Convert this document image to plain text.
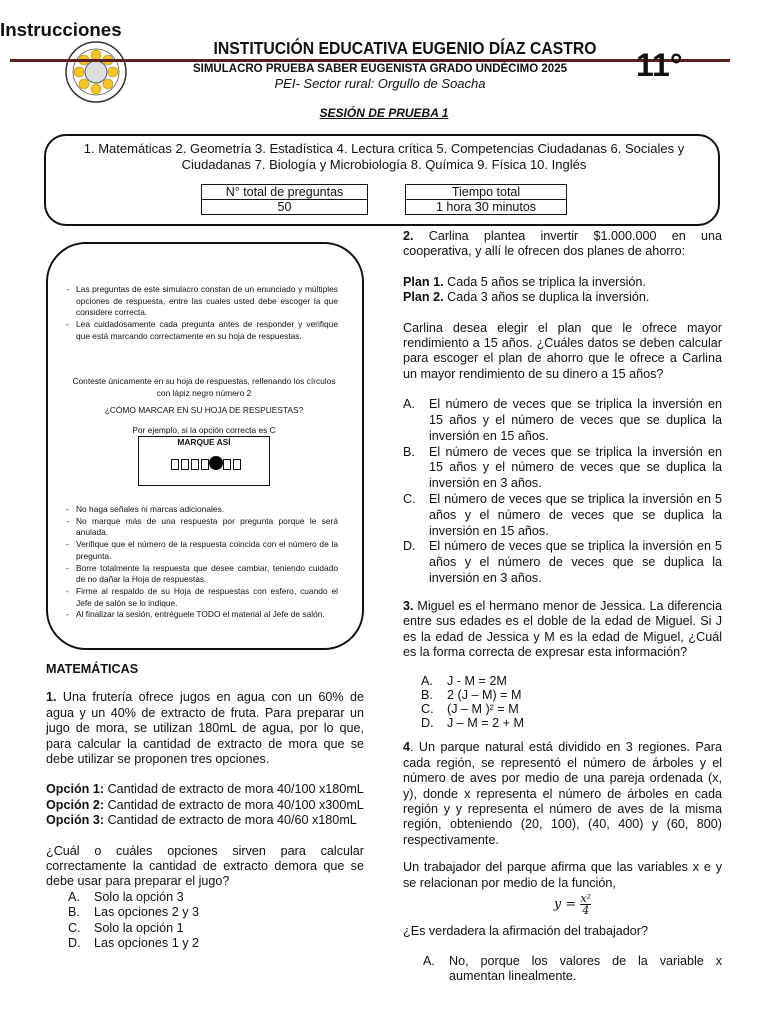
INSTITUCIÓN EDUCATIVA EUGENIO DÍAZ CASTRO
SIMULACRO PRUEBA SABER EUGENISTA GRADO UNDÉCIMO 2025
PEI- Sector rural: Orgullo de Soacha
11°
SESIÓN DE PRUEBA 1
1. Matemáticas 2. Geometría 3. Estadística 4. Lectura crítica 5. Competencias Ciudadanas 6. Sociales y Ciudadanas 7. Biología y Microbiología 8. Química 9. Física 10. Inglés
N° total de preguntas
50
Tiempo total
1 hora 30 minutos
Instrucciones
- Las preguntas de este simulacro constan de un enunciado y múltiples opciones de respuesta, entre las cuales usted debe escoger la que considere correcta.
- Lea cuidadosamente cada pregunta antes de responder y verifique que está marcando correctamente en su hoja de respuestas.
Conteste únicamente en su hoja de respuestas, rellenando los círculos con lápiz negro número 2
¿CÓMO MARCAR EN SU HOJA DE RESPUESTAS?
Por ejemplo, si la opción correcta es C
MARQUE ASÍ
- No haga señales ni marcas adicionales.
- No marque más de una respuesta por pregunta porque le será anulada.
- Verifique que el número de la respuesta coincida con el número de la pregunta.
- Borre totalmente la respuesta que desee cambiar, teniendo cuidado de no dañar la Hoja de respuestas.
- Firme al respaldo de su Hoja de respuestas con esfero, cuando el Jefe de salón se lo indique.
- Al finalizar la sesión, entréguele TODO el material al Jefe de salón.
MATEMÁTICAS
1. Una frutería ofrece jugos en agua con un 60% de agua y un 40% de extracto de fruta. Para preparar un jugo de mora, se utilizan 180mL de agua, por lo que, para calcular la cantidad de extracto de mora que se debe utilizar se proponen tres opciones.
Opción 1: Cantidad de extracto de mora 40/100 x180mL
Opción 2: Cantidad de extracto de mora 40/100 x300mL
Opción 3: Cantidad de extracto de mora 40/60 x180mL
¿Cuál o cuáles opciones sirven para calcular correctamente la cantidad de extracto demora que se debe usar para preparar el jugo?
A.	Solo la opción 3
B.	Las opciones 2 y 3
C.	Solo la opción 1
D.	Las opciones 1 y 2
2. Carlina plantea invertir $1.000.000 en una cooperativa, y allí le ofrecen dos planes de ahorro:
Plan 1. Cada 5 años se triplica la inversión.
Plan 2. Cada 3 años se duplica la inversión.
Carlina desea elegir el plan que le ofrece mayor rendimiento a 15 años. ¿Cuáles datos se deben calcular para escoger el plan de ahorro que le ofrece a Carlina un mayor rendimiento de su dinero a 15 años?
A.	El número de veces que se triplica la inversión en 15 años y el número de veces que se duplica la inversión en 15 años.
B.	El número de veces que se triplica la inversión en 15 años y el número de veces que se duplica la inversión en 3 años.
C.	El número de veces que se triplica la inversión en 5 años y el número de veces que se duplica la inversión en 15 años.
D.	El número de veces que se triplica la inversión en 5 años y el número de veces que se duplica la inversión en 3 años.
3. Miguel es el hermano menor de Jessica. La diferencia entre sus edades es el doble de la edad de Miguel. Si J es la edad de Jessica y M es la edad de Miguel, ¿Cuál es la forma correcta de expresar esta información?
A.	J - M = 2M
B.	2 (J – M) = M
C.	(J – M )² = M
D.	J – M = 2 + M
4. Un parque natural está dividido en 3 regiones. Para cada región, se representó el número de árboles y el número de aves por medio de una pareja ordenada (x, y), donde x representa el número de árboles en cada región y y representa el número de aves de la misma región, obteniendo (20, 100), (40, 400) y (60, 800) respectivamente.
Un trabajador del parque afirma que las variables x e y se relacionan por medio de la función,
$y = \frac{\text{x²}}{4}$
¿Es verdadera la afirmación del trabajador?
A.	No, porque los valores de la variable x aumentan linealmente.
